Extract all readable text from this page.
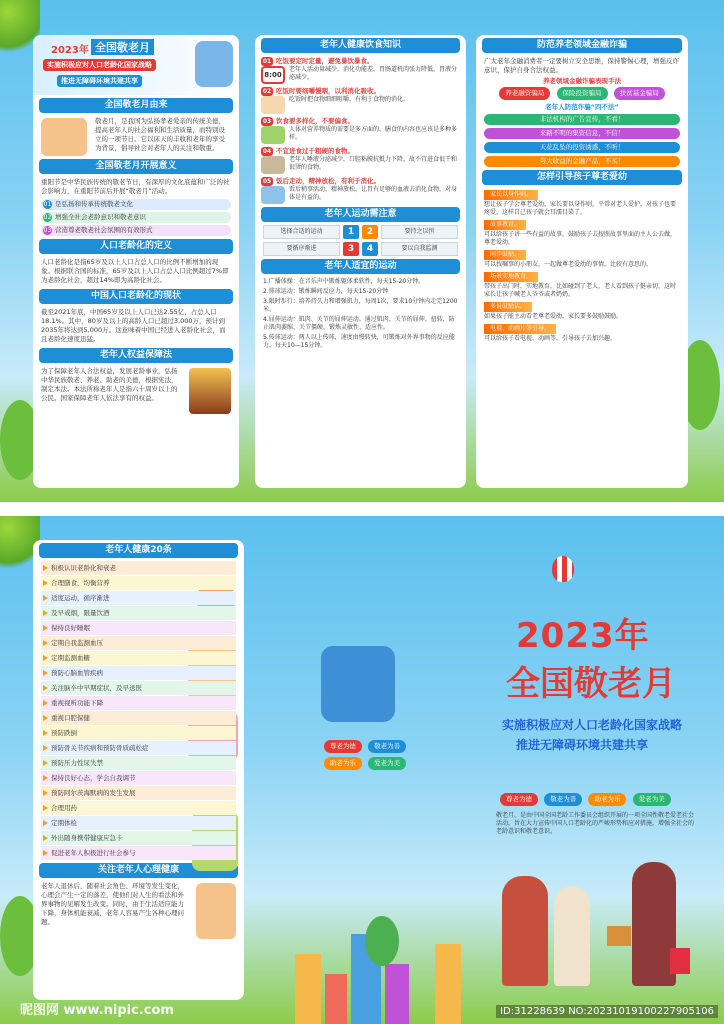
2023年 全国敬老月
实施积极应对人口老龄化国家战略
推进无障碍环境共建共享
全国敬老月由来
敬老月，是我国为弘扬孝老爱亲的传统美德，提高老年人的社会福利和生活质量，而特别设立的一项节日。它以床天的丰收和老年的享受为背景，倡导社会对老年人的关注和敬重。
全国敬老月开展意义
重阳节是中华民族传统的敬老节日，有深厚的文化底蕴和广泛的社会影响力，在重阳节前后开展“敬老月”活动。
01 是弘扬和传承传统敬老文化
02 增强全社会老龄意识和敬老意识
03 营造尊老敬老社会氛围的有效形式
人口老龄化的定义
人口老龄化是指65岁及以上人口占总人口的比例不断增加的现象。根据联合国的标准，65岁及以上人口占总人口比例超过7%即为老龄化社会，超过14%即为高龄化社会。
中国人口老龄化的现状
截至2021年底，中国65岁及以上人口已达2.55亿，占总人口18.1%。其中，80岁及以上的高龄人口已超过3,000万，预计到2035年将达到5,000万。这意味着中国已经进入老龄化社会，而且老龄化速度迅猛。
老年人权益保障法
为了保障老年人合法权益，发展老龄事业，弘扬中华民族敬老、养老、助老的美德，根据宪法，制定本法。本法所称老年人是指六十周岁以上的公民。国家保障老年人依法享有的权益。
老年人健康饮食知识
01 吃饭要定时定量，避免暴饮暴食。
8:00
老年人活动量减少，消化功能差，胃肠道机肉张力降低，胃液分泌减少。
02 吃饭时要细嚼慢咽，以利消化吸收。
吃饭时把食物细细咀嚼，有利于食物的消化。
03 饮食要多样化，不要偏食。
人体对营养物质的需要是多方面的，膳食的内容也应该是多种多样。
04 不宜进食过于粗硬的食物。
老年人唾液分泌减少，口腔粘膜抗抵力下降，故不宜进食很干和很烫的食物。
05 饭后走动，精神放松，有利于消化。
饭后稍事活动，精神放松，让胃有足够的血液去消化食物，对身体是有益的。
老年人运动需注意
选择合适的运动	1	2	要持之以恒
要循序渐进	3	4	要以自我监测
老年人适宜的运动
1.广播体操：在音乐声中锻炼躯体柔软性，每天15-20分钟。
2.排球运动：锻炼瞬间反应力，每天15-20分钟
3.限时步行：培养持久力和增强肌力，每周1次，要求10分钟内走完1200米。
4.屈伸运动：肌肉、关节的屈伸运动。通过肌肉、关节的屈伸、扭转，防止肌肉萎缩、关节僵硬，锻炼灵敏性、适应性。
5.传球运动：两人以上传球，速度由慢转快，可锻炼对外界事物的反应能力，每天10—15分钟。
防范养老领域金融诈骗
广大老年金融消费者一定要树立安全思维，保持警惕心理，增强反诈意识，保护自身合法权益。
养老领域金融诈骗表现手法
养老融资骗局	保险投资骗局	扶贫基金骗局
老年人防范诈骗“四不法”
非法机构的广告宣传，不看！
来路不明的集资信息，不信！
天花乱坠的投资诱惑，不听！
夸大收益的金融产品，不买！
怎样引导孩子尊老爱幼
家长以身作则。
想让孩子学会尊老爱幼，家长要以身作则，平常对老人爱护，对孩子也要疼爱，这样自己孩子就会耳濡目染了。
故事教育。
可以给孩子讲一些有益的故事，鼓励孩子去按照故事里面的主人公去做，尊老爱幼。
同伴鼓励。
可以找嘱事的小朋友，一起做尊老爱幼的事情，比较有意思的。
场景实地教育。
带孩子出门时，实地教育，比如碰到了老人，老人看到孩子挺亲切，这时家长让孩子喊老人爷爷或者奶奶。
多说鼓励话。
如果孩子能主动看老尊老爱幼，家长要多鼓励鼓励。
电视、动画片等引导。
可以给孩子看电视、动画等，引导孩子去加兴趣。
老年人健康20条
积极认识老龄化和衰老
合理膳食，均衡营养
适度运动，循序渐进
及早戒烟，限量饮酒
保持良好睡眠
定期自我监测血压
定期监测血糖
预防心脑血管疾病
关注脑卒中早期症状，及早送医
重视视听功能下降
重视口腔保健
预防跌倒
预防骨关节疾病和预防骨质疏松症
预防压力性尿失禁
保持良好心态，学会自我调节
预防阿尔茨海默病的发生发展
合理用药
定期体检
外出随身携带健康应急卡
促进老年人积极进行社会参与
关注老年人心理健康
老年人退休后，随着社会角色、环境等发生变化，心理会产生一定的落差，使他们对人生的看法和外界事物的见解发生改变。同时，由于生活适应能力下降，身体机能衰减，老年人容易产生各种心理问题。
尊老为德	敬老为善 助老为乐	爱老为美
2023年
全国敬老月
实施积极应对人口老龄化国家战略
推进无障碍环境共建共享
尊老为德	敬老为善	助老为乐	爱老为美
敬老月，是由中国全国老龄工作委员会组织开展的一项全国性敬老爱老社会活动，旨在大力宣传中国人口老龄化的严峻形势和应对措施，增强全社会的老龄意识和敬老意识。
昵图网 www.nipic.com	ID:31228639 NO:20231019100227905106
